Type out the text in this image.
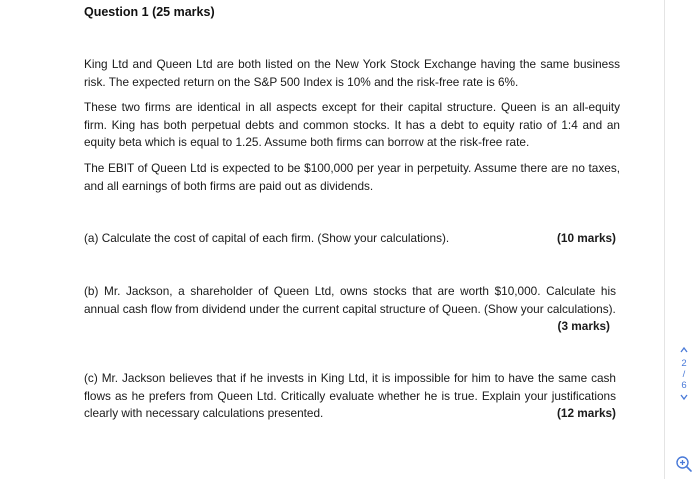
Question 1 (25 marks)

King Ltd and Queen Ltd are both listed on the New York Stock Exchange having the same business risk. The expected return on the S&P 500 Index is 10% and the risk-free rate is 6%.

These two firms are identical in all aspects except for their capital structure. Queen is an all-equity firm. King has both perpetual debts and common stocks. It has a debt to equity ratio of 1:4 and an equity beta which is equal to 1.25. Assume both firms can borrow at the risk-free rate.

The EBIT of Queen Ltd is expected to be $100,000 per year in perpetuity. Assume there are no taxes, and all earnings of both firms are paid out as dividends.

(a) Calculate the cost of capital of each firm. (Show your calculations).	(10 marks)
(b) Mr. Jackson, a shareholder of Queen Ltd, owns stocks that are worth $10,000. Calculate his annual cash flow from dividend under the current capital structure of Queen. (Show your calculations).
(3 marks)
(c) Mr. Jackson believes that if he invests in King Ltd, it is impossible for him to have the same cash flows as he prefers from Queen Ltd. Critically evaluate whether he is true. Explain your justifications clearly with necessary calculations presented.	(12 marks)
2
/
6
